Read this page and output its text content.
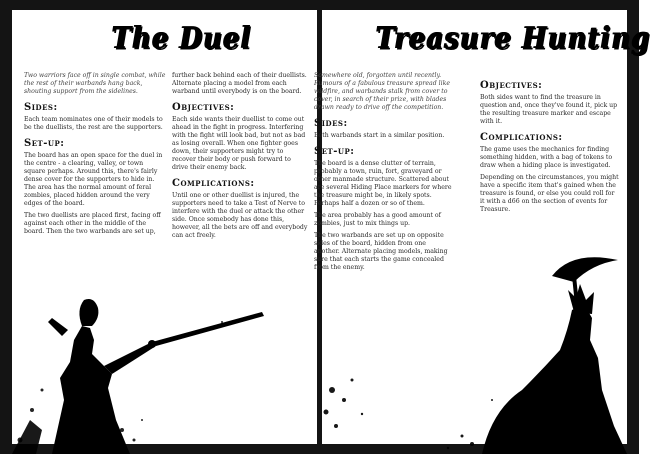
The Duel

Two warriors face off in single combat, while the rest of their warbands hang back, shouting support from the sidelines.

Sides:

Each team nominates one of their models to be the duellists, the rest are the supporters.

Set-up:

The board has an open space for the duel in the centre - a clearing, valley, or town square perhaps. Around this, there's fairly dense cover for the supporters to hide in. The area has the normal amount of feral zombies, placed hidden around the very edges of the board.

The two duellists are placed first, facing off against each other in the middle of the board. Then the two warbands are set up,

further back behind each of their duellists. Alternate placing a model from each warband until everybody is on the board.

Objectives:

Each side wants their duellist to come out ahead in the fight in progress. Interfering with the fight will look bad, but not as bad as losing overall. When one fighter goes down, their supporters might try to recover their body or push forward to drive their enemy back.

Complications:

Until one or other duellist is injured, the supporters need to take a Test of Nerve to interfere with the duel or attack the other side. Once somebody has done this, however, all the bets are off and everybody can act freely.

Treasure Hunting

Somewhere old, forgotten until recently. Rumours of a fabulous treasure spread like wildfire, and warbands stalk from cover to cover, in search of their prize, with blades drawn ready to drive off the competition.

Sides:

Both warbands start in a similar position.

Set-up:

The board is a dense clutter of terrain, probably a town, ruin, fort, graveyard or other manmade structure. Scattered about are several Hiding Place markers for where the treasure might be, in likely spots. Perhaps half a dozen or so of them.

The area probably has a good amount of zombies, just to mix things up.

The two warbands are set up on opposite sides of the board, hidden from one another. Alternate placing models, making sure that each starts the game concealed from the enemy.

Objectives:

Both sides want to find the treasure in question and, once they've found it, pick up the resulting treasure marker and escape with it.

Complications:

The game uses the mechanics for finding something hidden, with a bag of tokens to draw when a hiding place is investigated.

Depending on the circumstances, you might have a specific item that's gained when the treasure is found, or else you could roll for it with a d66 on the section of events for Treasure.
